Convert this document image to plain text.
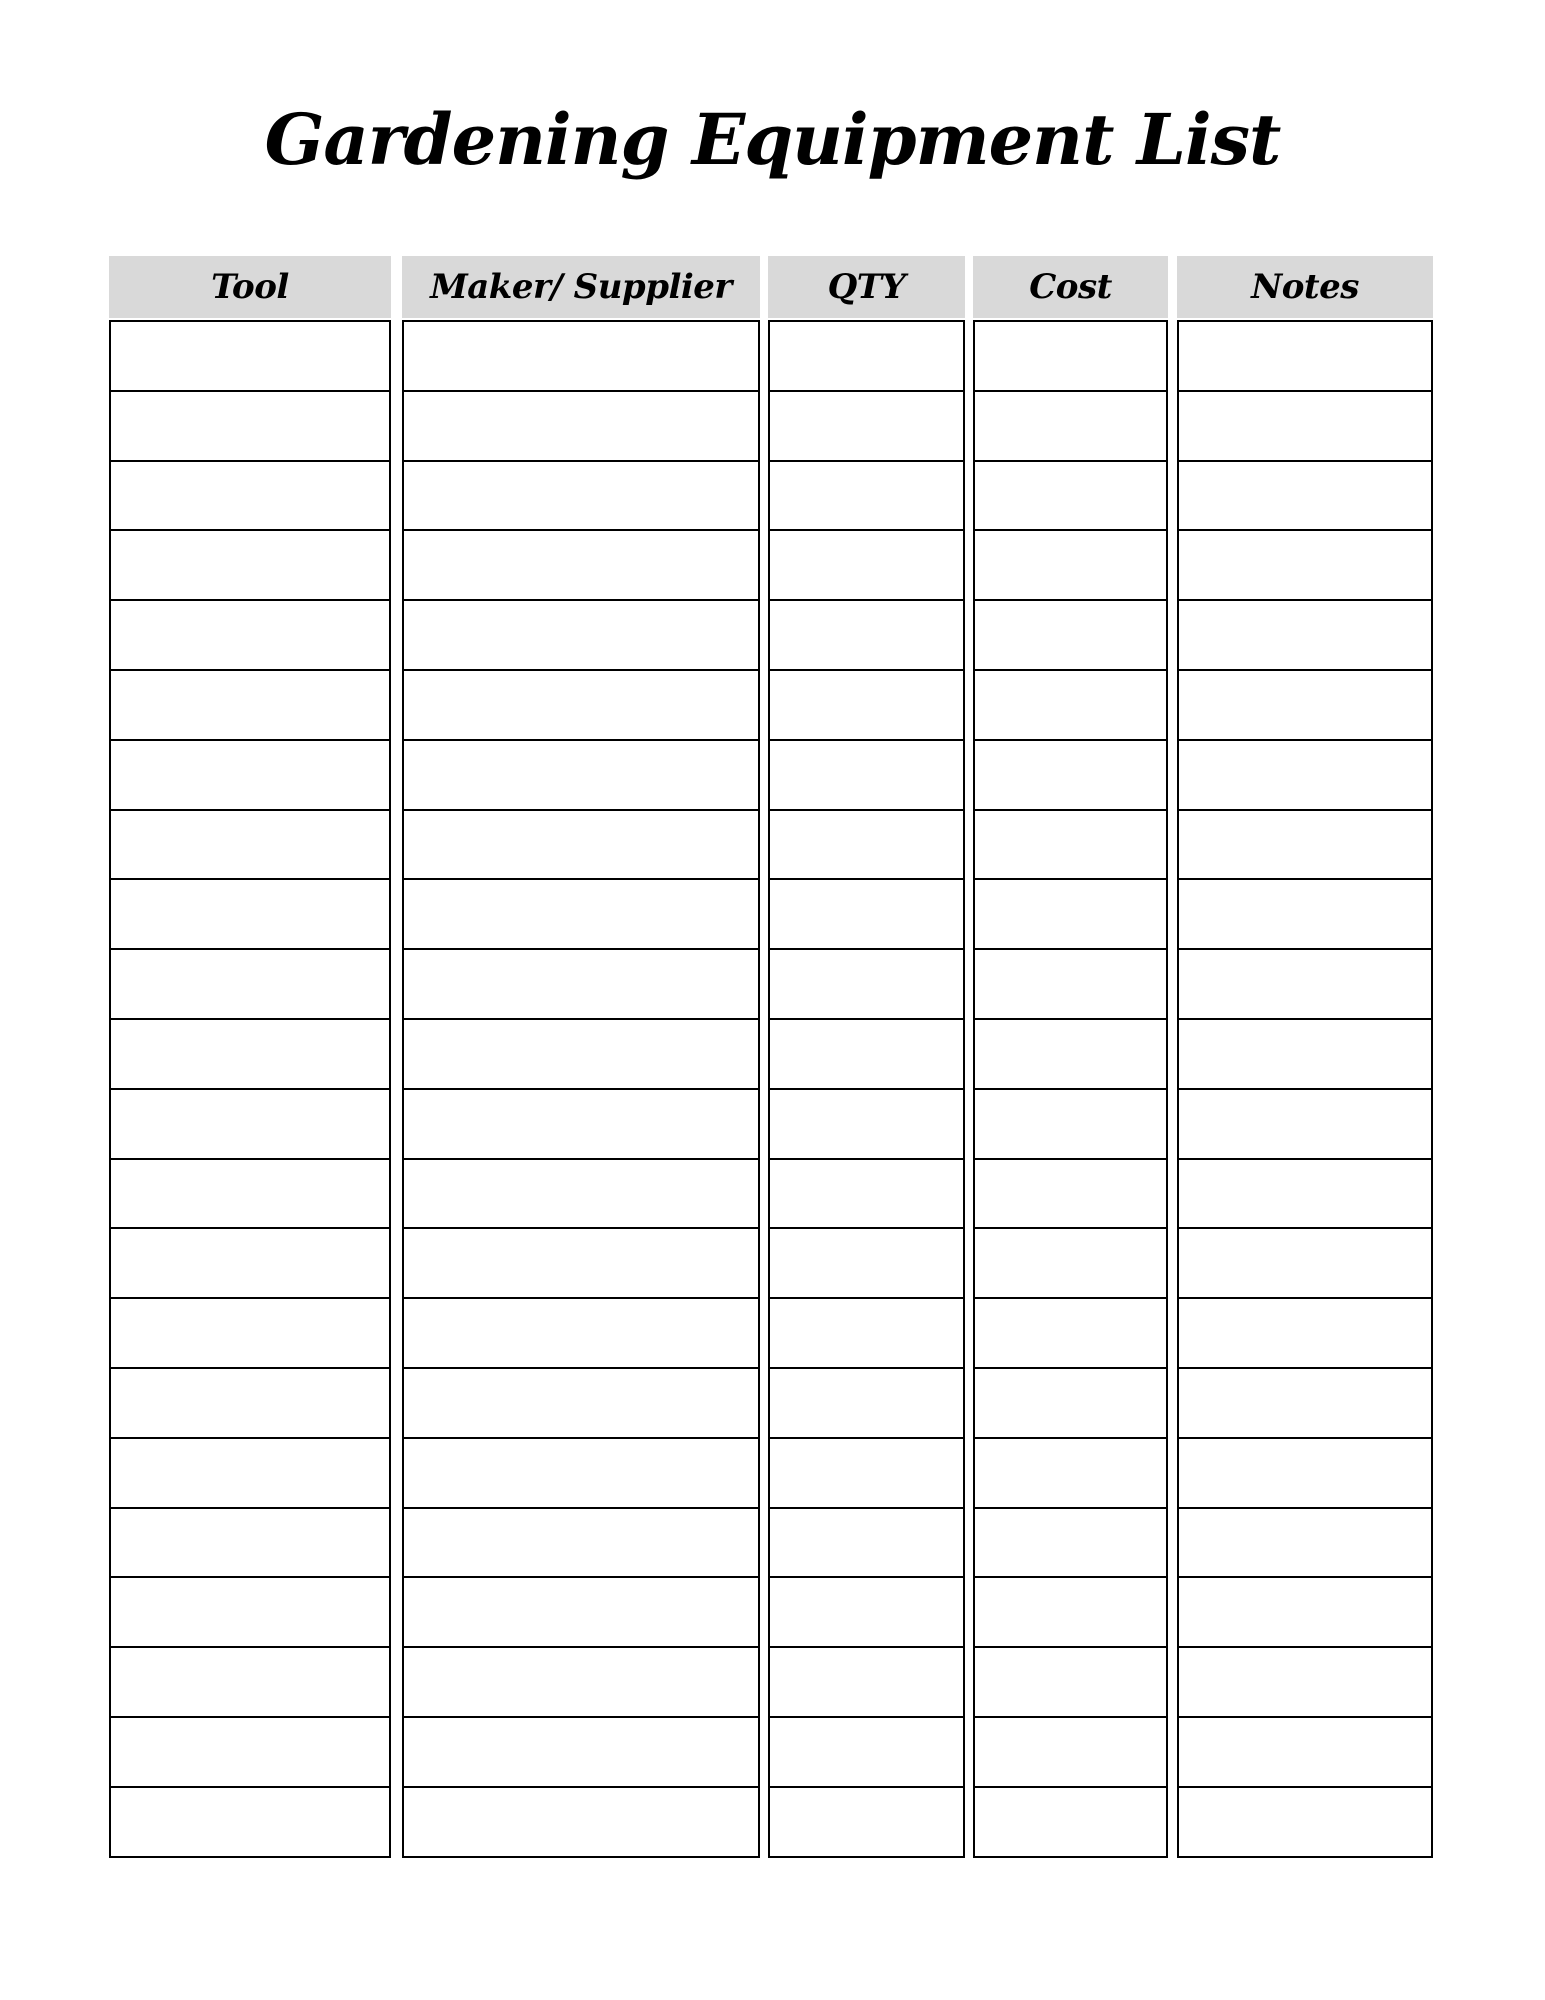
Gardening Equipment List
Tool	Maker/ Supplier	QTY	Cost	Notes
